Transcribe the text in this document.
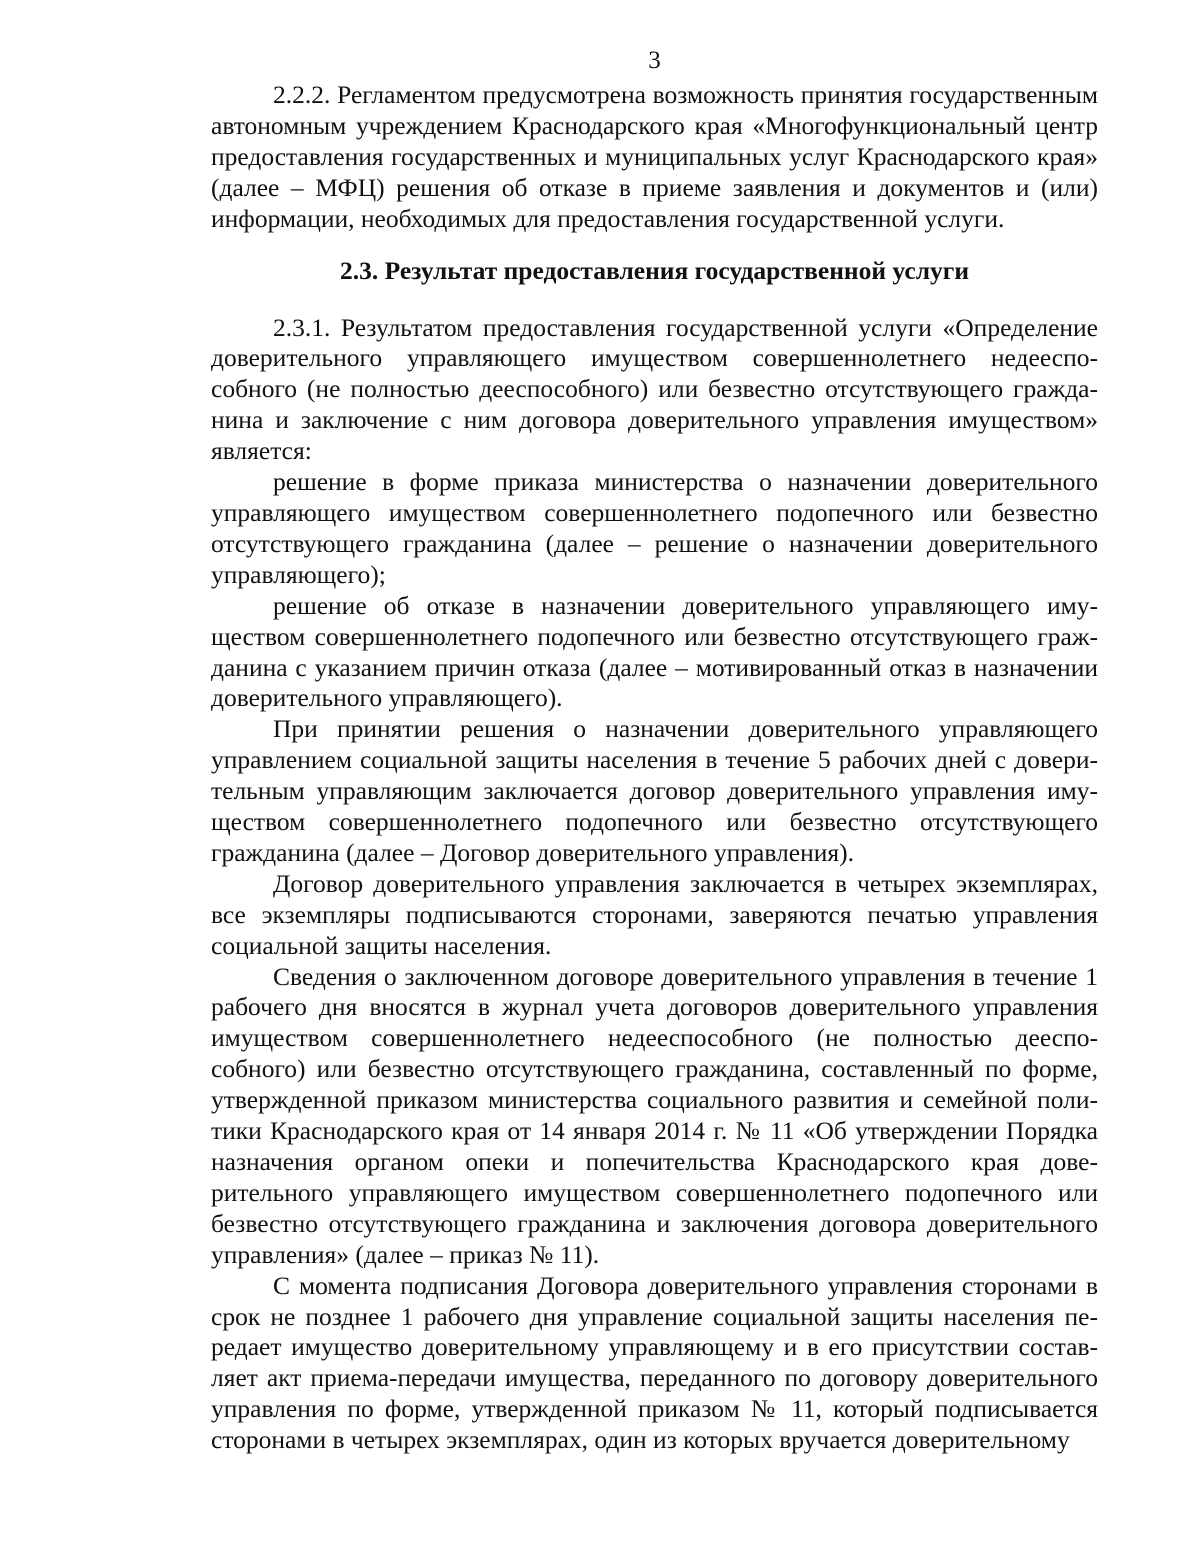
3

2.2.2. Регламентом предусмотрена возможность принятия государственным автономным учреждением Краснодарского края «Многофункциональный центр предоставления государственных и муниципальных услуг Краснодарского края» (далее – МФЦ) решения об отказе в приеме заявления и документов и (или) информации, необходимых для предоставления государственной услуги.

2.3. Результат предоставления государственной услуги

2.3.1. Результатом предоставления государственной услуги «Определение доверительного управляющего имуществом совершеннолетнего недееспособного (не полностью дееспособного) или безвестно отсутствующего гражданина и заключение с ним договора доверительного управления имуществом» является:

решение в форме приказа министерства о назначении доверительного управляющего имуществом совершеннолетнего подопечного или безвестно отсутствующего гражданина (далее – решение о назначении доверительного управляющего);

решение об отказе в назначении доверительного управляющего имуществом совершеннолетнего подопечного или безвестно отсутствующего гражданина с указанием причин отказа (далее – мотивированный отказ в назначении доверительного управляющего).

При принятии решения о назначении доверительного управляющего управлением социальной защиты населения в течение 5 рабочих дней с доверительным управляющим заключается договор доверительного управления имуществом совершеннолетнего подопечного или безвестно отсутствующего гражданина (далее – Договор доверительного управления).

Договор доверительного управления заключается в четырех экземплярах, все экземпляры подписываются сторонами, заверяются печатью управления социальной защиты населения.

Сведения о заключенном договоре доверительного управления в течение 1 рабочего дня вносятся в журнал учета договоров доверительного управления имуществом совершеннолетнего недееспособного (не полностью дееспособного) или безвестно отсутствующего гражданина, составленный по форме, утвержденной приказом министерства социального развития и семейной политики Краснодарского края от 14 января 2014 г. № 11 «Об утверждении Порядка назначения органом опеки и попечительства Краснодарского края доверительного управляющего имуществом совершеннолетнего подопечного или безвестно отсутствующего гражданина и заключения договора доверительного управления» (далее – приказ № 11).

С момента подписания Договора доверительного управления сторонами в срок не позднее 1 рабочего дня управление социальной защиты населения передает имущество доверительному управляющему и в его присутствии составляет акт приема-передачи имущества, переданного по договору доверительного управления по форме, утвержденной приказом № 11, который подписывается сторонами в четырех экземплярах, один из которых вручается доверительному
